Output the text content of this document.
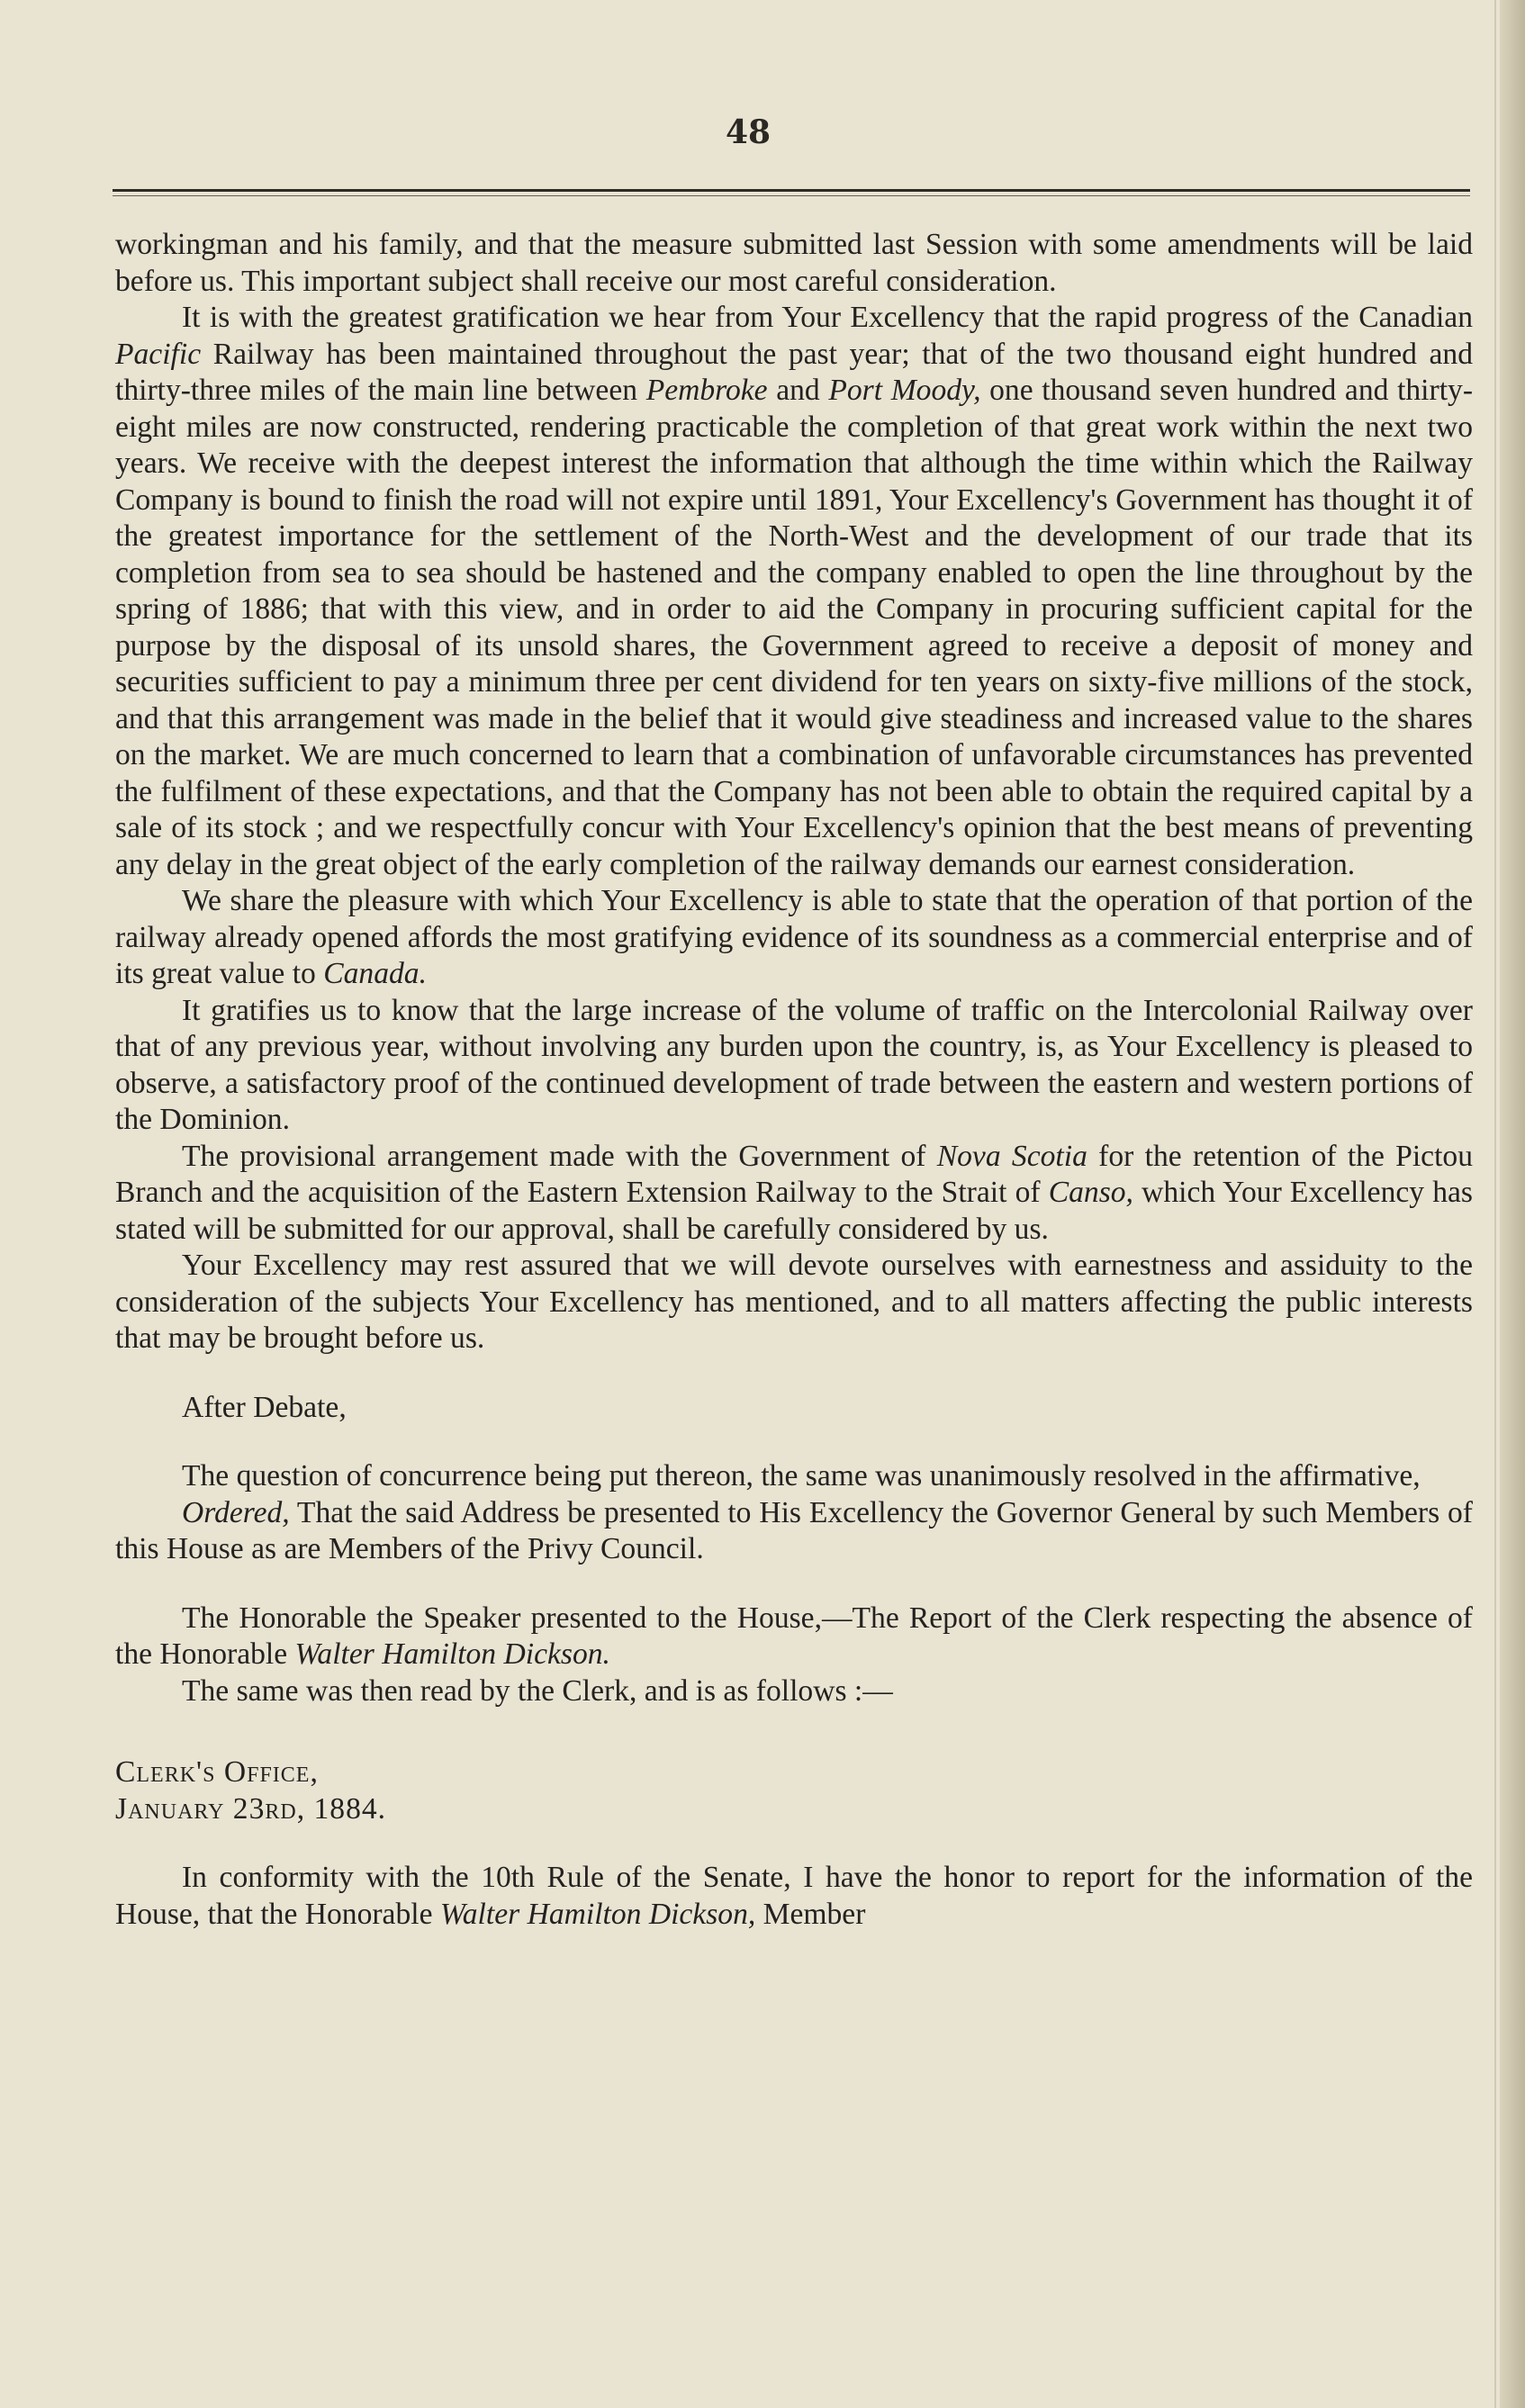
48

workingman and his family, and that the measure submitted last Session with some amendments will be laid before us. This important subject shall receive our most careful consideration.

It is with the greatest gratification we hear from Your Excellency that the rapid progress of the Canadian Pacific Railway has been maintained throughout the past year; that of the two thousand eight hundred and thirty-three miles of the main line between Pembroke and Port Moody, one thousand seven hundred and thirty-eight miles are now constructed, rendering practicable the completion of that great work within the next two years. We receive with the deepest interest the information that although the time within which the Railway Company is bound to finish the road will not expire until 1891, Your Excellency's Government has thought it of the greatest importance for the settlement of the North-West and the development of our trade that its completion from sea to sea should be hastened and the company enabled to open the line throughout by the spring of 1886; that with this view, and in order to aid the Company in procuring sufficient capital for the purpose by the disposal of its unsold shares, the Government agreed to receive a deposit of money and securities sufficient to pay a minimum three per cent dividend for ten years on sixty-five millions of the stock, and that this arrangement was made in the belief that it would give steadiness and increased value to the shares on the market. We are much concerned to learn that a combination of unfavorable circumstances has prevented the fulfilment of these expectations, and that the Company has not been able to obtain the required capital by a sale of its stock ; and we respectfully concur with Your Excellency's opinion that the best means of preventing any delay in the great object of the early completion of the railway demands our earnest consideration.

We share the pleasure with which Your Excellency is able to state that the operation of that portion of the railway already opened affords the most gratifying evidence of its soundness as a commercial enterprise and of its great value to Canada.

It gratifies us to know that the large increase of the volume of traffic on the Intercolonial Railway over that of any previous year, without involving any burden upon the country, is, as Your Excellency is pleased to observe, a satisfactory proof of the continued development of trade between the eastern and western portions of the Dominion.

The provisional arrangement made with the Government of Nova Scotia for the retention of the Pictou Branch and the acquisition of the Eastern Extension Railway to the Strait of Canso, which Your Excellency has stated will be submitted for our approval, shall be carefully considered by us.

Your Excellency may rest assured that we will devote ourselves with earnestness and assiduity to the consideration of the subjects Your Excellency has mentioned, and to all matters affecting the public interests that may be brought before us.

After Debate,

The question of concurrence being put thereon, the same was unanimously resolved in the affirmative,

Ordered, That the said Address be presented to His Excellency the Governor General by such Members of this House as are Members of the Privy Council.

The Honorable the Speaker presented to the House,—The Report of the Clerk respecting the absence of the Honorable Walter Hamilton Dickson.

The same was then read by the Clerk, and is as follows :—

Clerk's Office,

January 23rd, 1884.

In conformity with the 10th Rule of the Senate, I have the honor to report for the information of the House, that the Honorable Walter Hamilton Dickson, Member
